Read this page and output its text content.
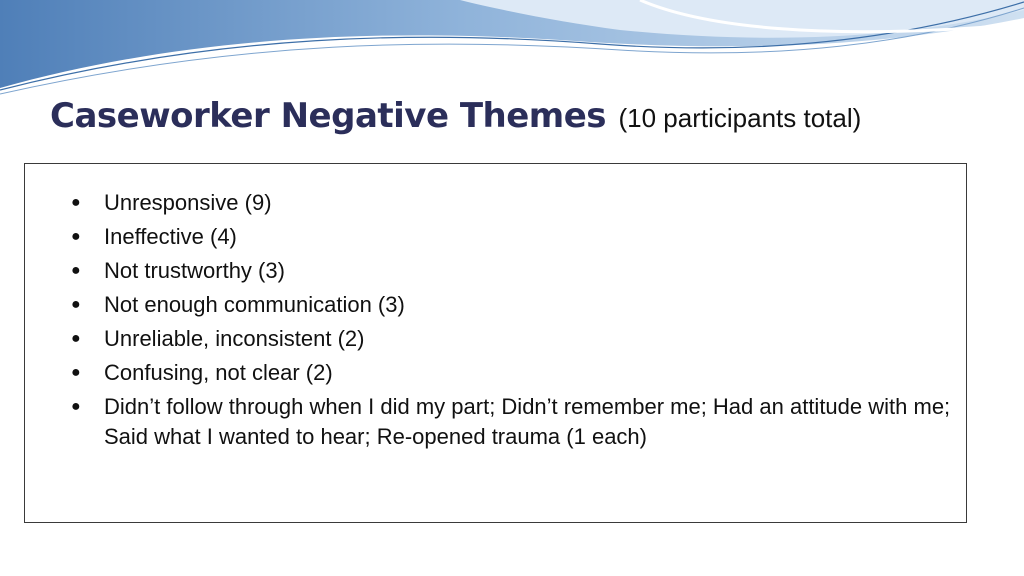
Caseworker Negative Themes (10 participants total)
● Unresponsive (9)
● Ineffective (4)
● Not trustworthy (3)
● Not enough communication (3)
● Unreliable, inconsistent (2)
● Confusing, not clear (2)
● Didn’t follow through when I did my part; Didn’t remember me; Had an attitude with me; Said what I wanted to hear; Re-opened trauma (1 each)
